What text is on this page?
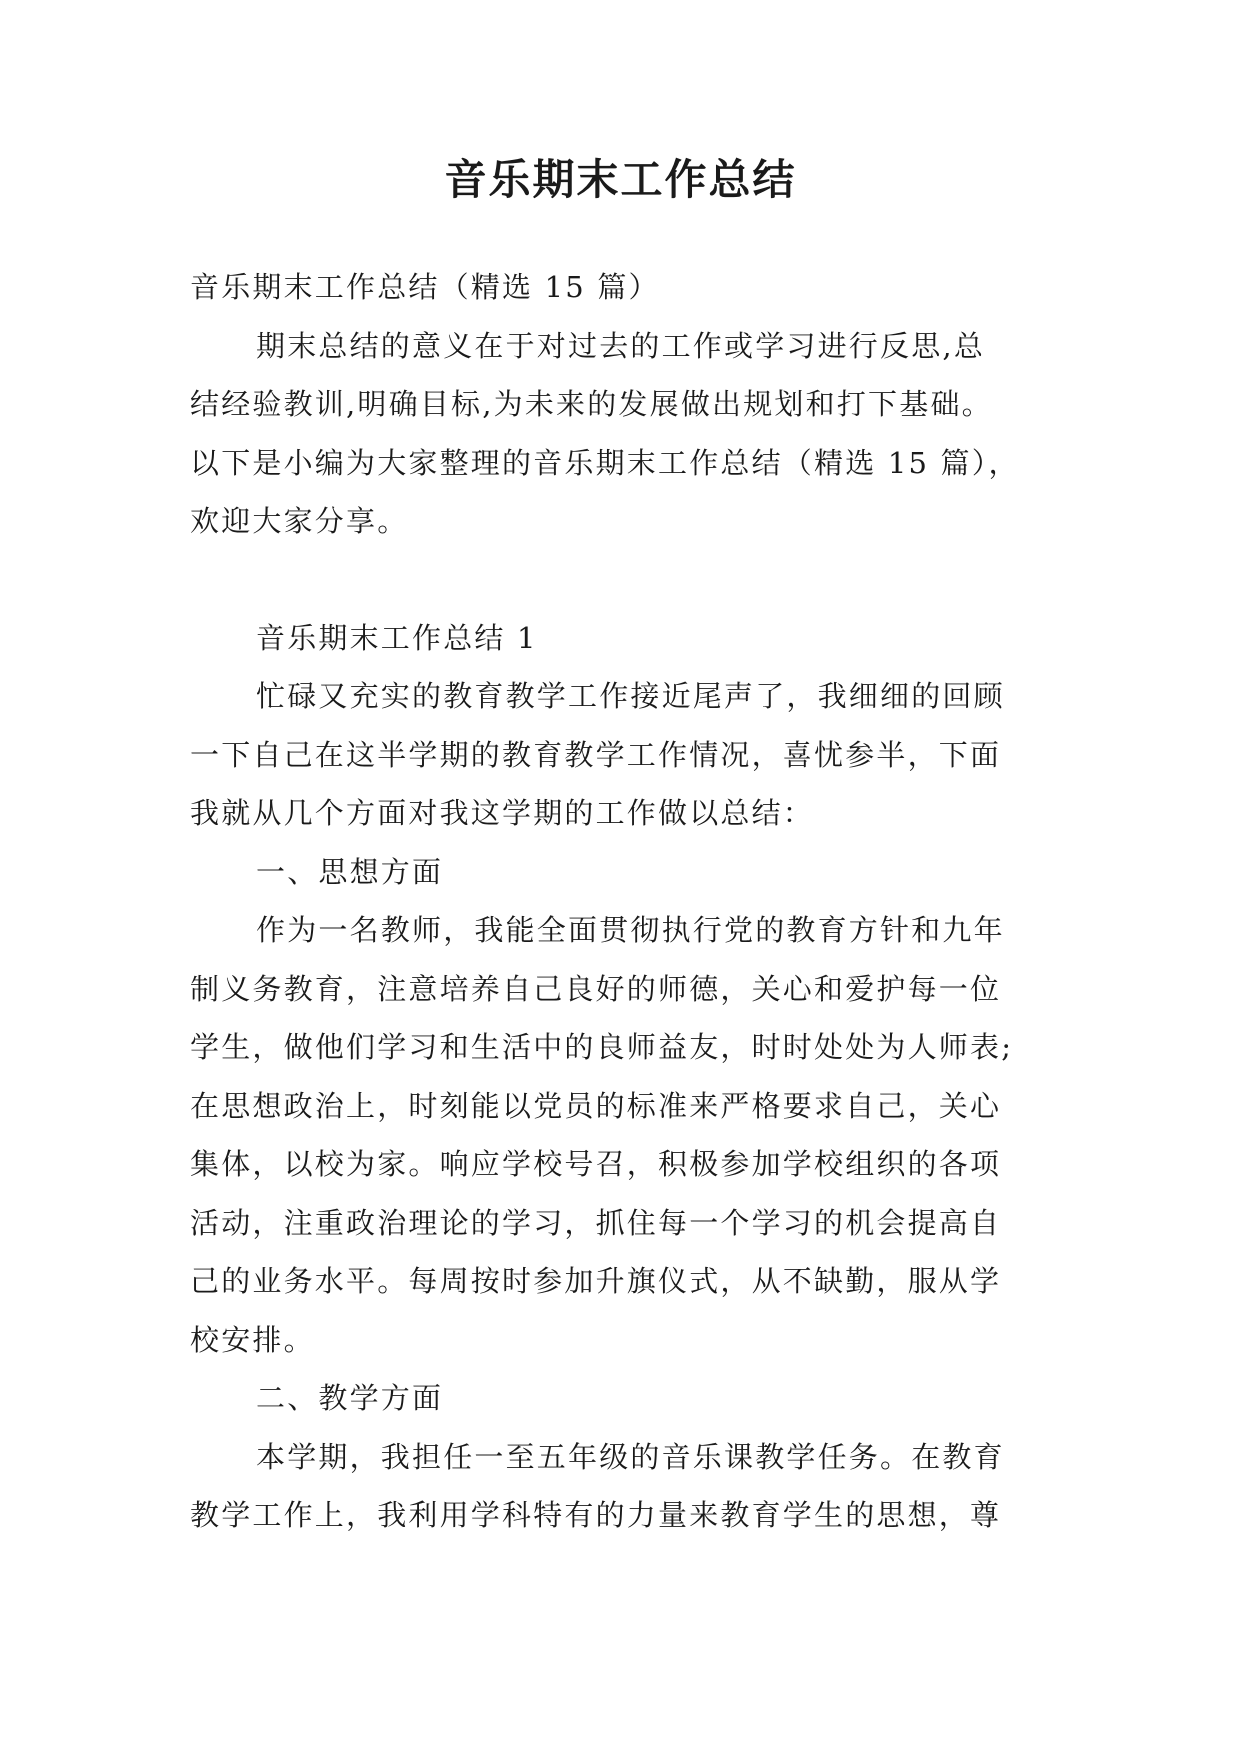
音乐期末工作总结

音乐期末工作总结（精选 15 篇）

期末总结的意义在于对过去的工作或学习进行反思,总

结经验教训,明确目标,为未来的发展做出规划和打下基础。

以下是小编为大家整理的音乐期末工作总结（精选 15 篇），

欢迎大家分享。

音乐期末工作总结 1

忙碌又充实的教育教学工作接近尾声了，我细细的回顾

一下自己在这半学期的教育教学工作情况，喜忧参半，下面

我就从几个方面对我这学期的工作做以总结：

一、思想方面

作为一名教师，我能全面贯彻执行党的教育方针和九年

制义务教育，注意培养自己良好的师德，关心和爱护每一位

学生，做他们学习和生活中的良师益友，时时处处为人师表;

在思想政治上，时刻能以党员的标准来严格要求自己，关心

集体，以校为家。响应学校号召，积极参加学校组织的各项

活动，注重政治理论的学习，抓住每一个学习的机会提高自

己的业务水平。每周按时参加升旗仪式，从不缺勤，服从学

校安排。

二、教学方面

本学期，我担任一至五年级的音乐课教学任务。在教育

教学工作上，我利用学科特有的力量来教育学生的思想，尊
